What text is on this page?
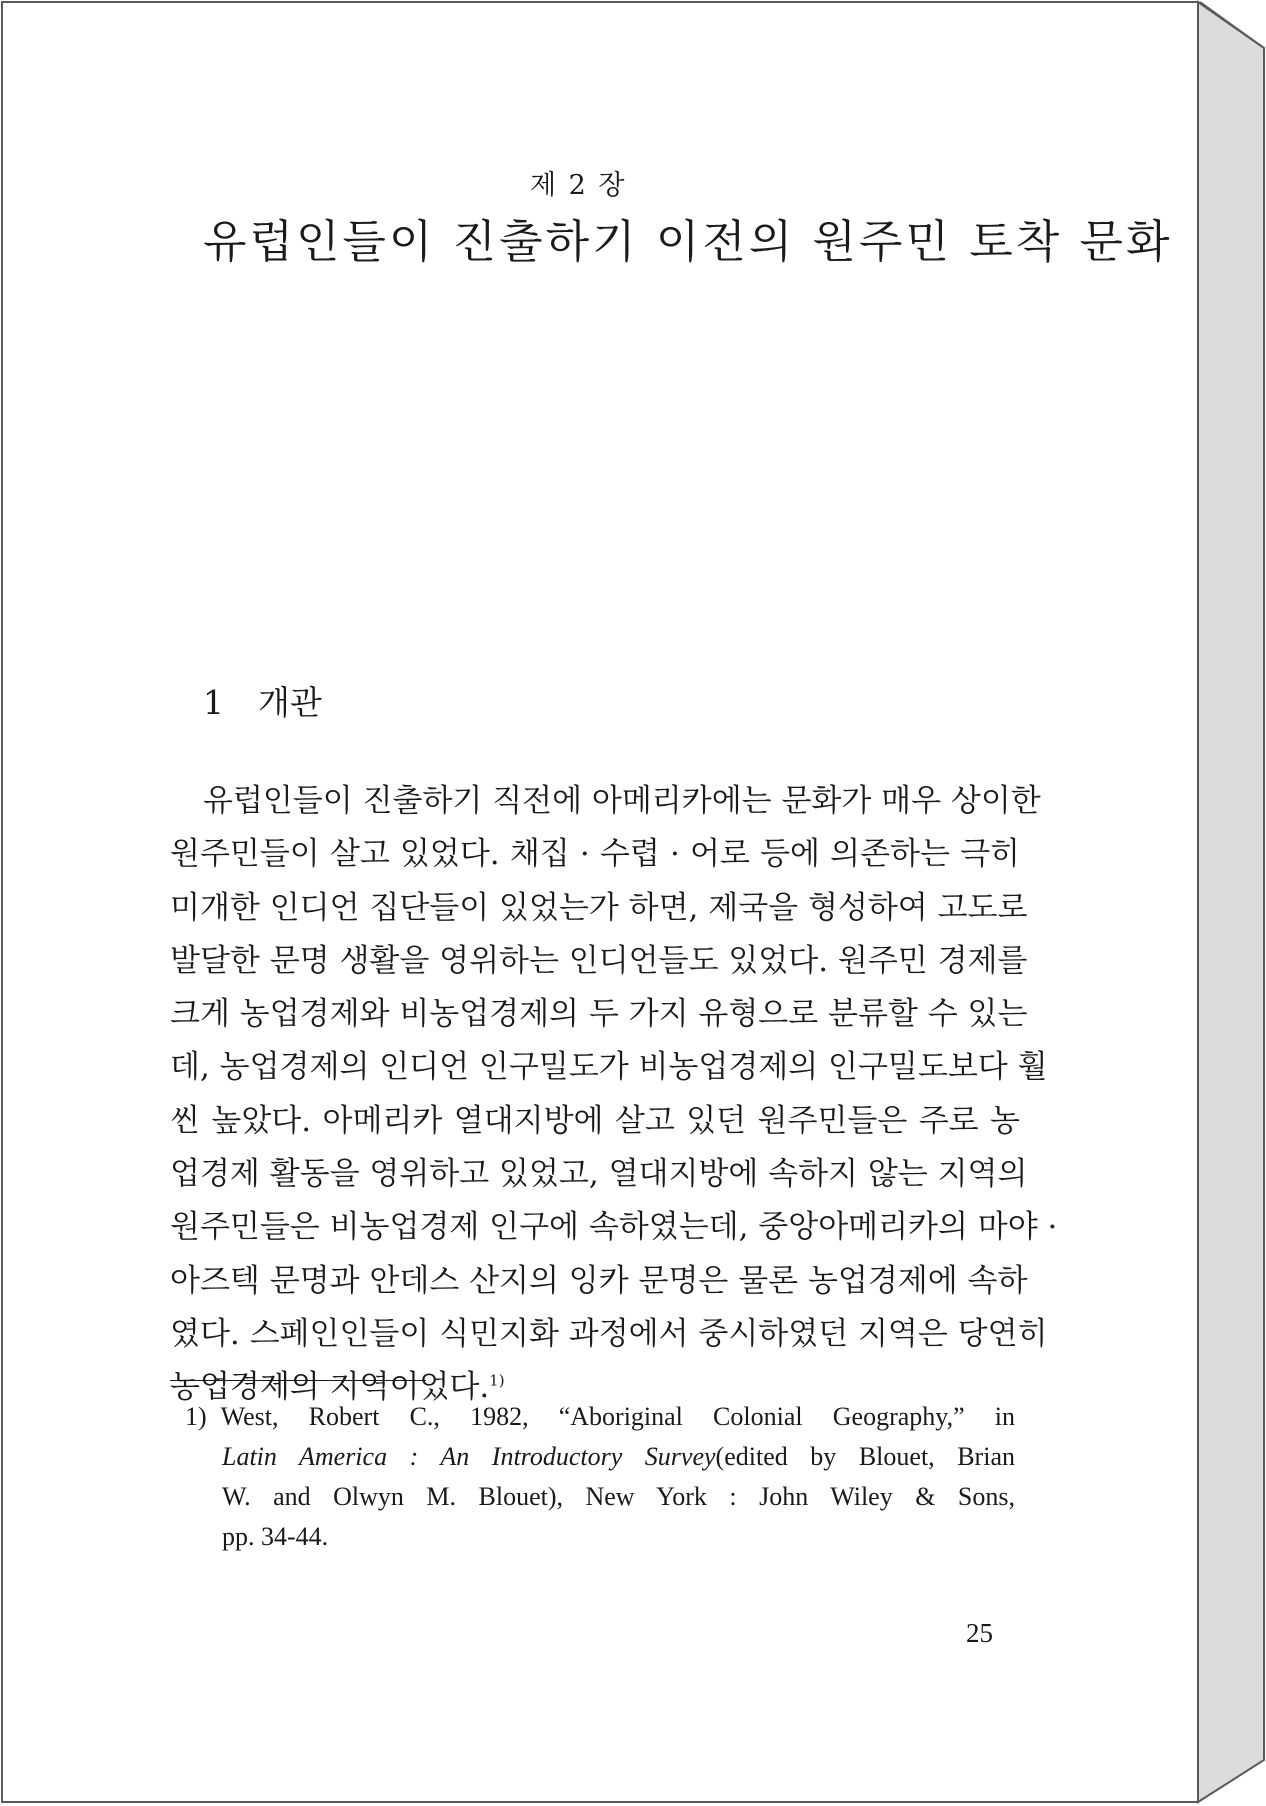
제 2 장
유럽인들이 진출하기 이전의 원주민 토착 문화
1 개관
유럽인들이 진출하기 직전에 아메리카에는 문화가 매우 상이한
원주민들이 살고 있었다. 채집 · 수렵 · 어로 등에 의존하는 극히
미개한 인디언 집단들이 있었는가 하면, 제국을 형성하여 고도로
발달한 문명 생활을 영위하는 인디언들도 있었다. 원주민 경제를
크게 농업경제와 비농업경제의 두 가지 유형으로 분류할 수 있는
데, 농업경제의 인디언 인구밀도가 비농업경제의 인구밀도보다 훨
씬 높았다. 아메리카 열대지방에 살고 있던 원주민들은 주로 농
업경제 활동을 영위하고 있었고, 열대지방에 속하지 않는 지역의
원주민들은 비농업경제 인구에 속하였는데, 중앙아메리카의 마야 ·
아즈텍 문명과 안데스 산지의 잉카 문명은 물론 농업경제에 속하
였다. 스페인인들이 식민지화 과정에서 중시하였던 지역은 당연히
농업경제의 지역이었다.$^{1)}$
1) West, Robert C., 1982, “Aboriginal Colonial Geography,” in
Latin America : An Introductory Survey(edited by Blouet, Brian
W. and Olwyn M. Blouet), New York : John Wiley & Sons,
pp. 34-44.
25
